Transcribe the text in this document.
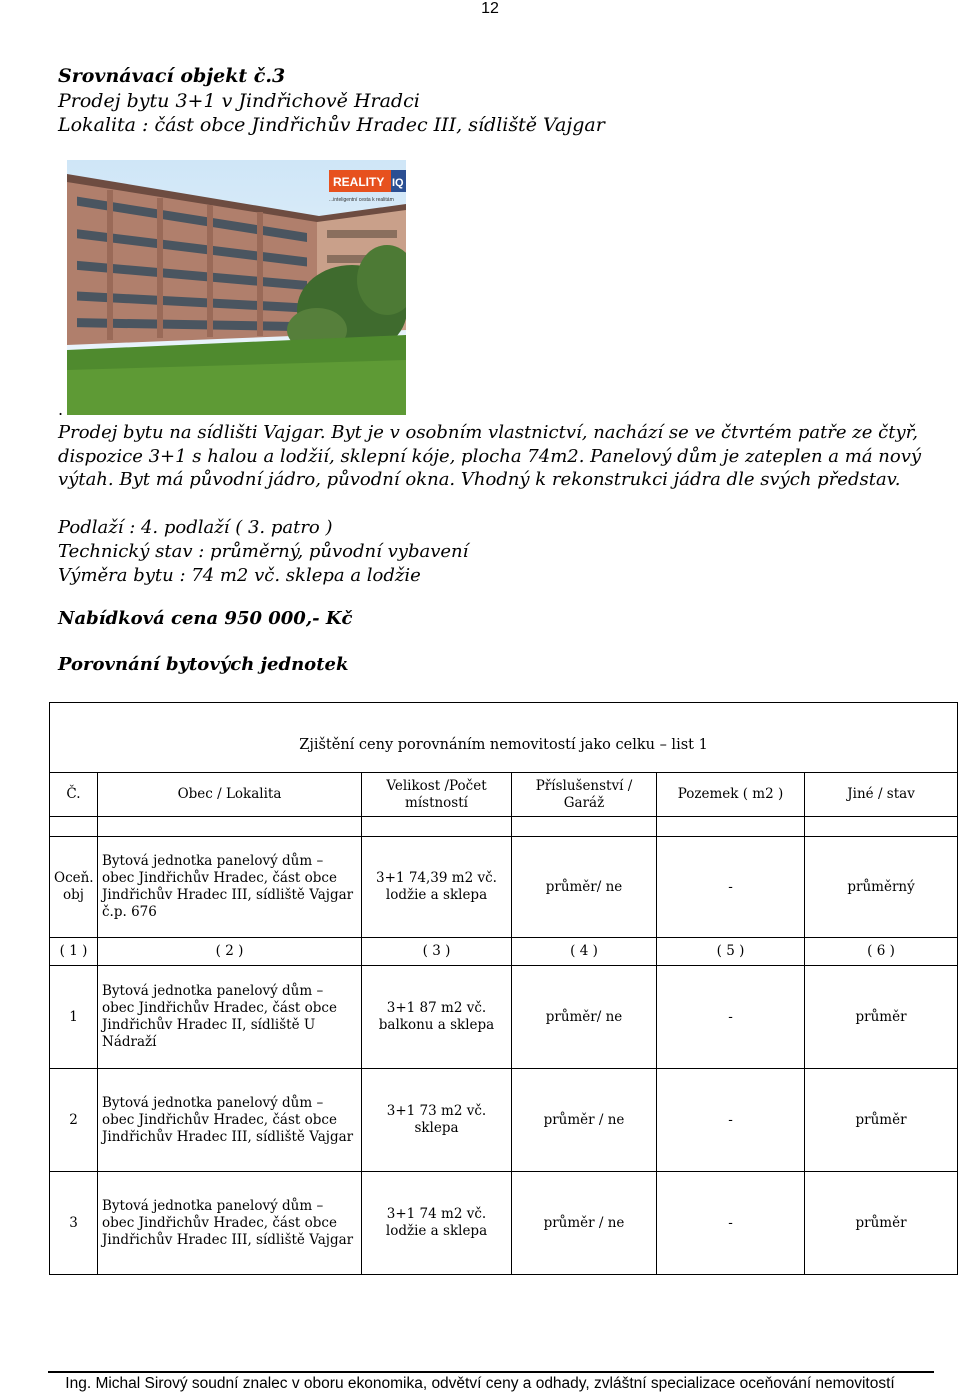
12
Srovnávací objekt č.3
Prodej bytu 3+1 v Jindřichově Hradci
Lokalita : část obce Jindřichův Hradec III, sídliště Vajgar
REALITY IQ
...inteligentní cesta k realitám
.
Prodej bytu na sídlišti Vajgar. Byt je v osobním vlastnictví, nachází se ve čtvrtém patře ze čtyř, dispozice 3+1 s halou a lodžií, sklepní kóje, plocha 74m2. Panelový dům je zateplen a má nový výtah. Byt má původní jádro, původní okna. Vhodný k rekonstrukci jádra dle svých představ.
Podlaží : 4. podlaží ( 3. patro )
Technický stav : průměrný, původní vybavení
Výměra bytu : 74 m2 vč. sklepa a lodžie
Nabídková cena 950 000,- Kč
Porovnání bytových jednotek
Zjištění ceny porovnáním nemovitostí jako celku – list 1					
Č.	Obec / Lokalita	Velikost /Počet místností	Příslušenství / Garáž	Pozemek ( m2 )	Jiné / stav

Oceň. obj	Bytová jednotka panelový dům – obec Jindřichův Hradec, část obce Jindřichův Hradec III, sídliště Vajgar č.p. 676	3+1 74,39 m2 vč. lodžie a sklepa	průměr/ ne	-	průměrný
( 1 )	( 2 )	( 3 )	( 4 )	( 5 )	( 6 )
1	Bytová jednotka panelový dům – obec Jindřichův Hradec, část obce Jindřichův Hradec II, sídliště U Nádraží	3+1 87 m2 vč. balkonu a sklepa	průměr/ ne	-	průměr
2	Bytová jednotka panelový dům – obec Jindřichův Hradec, část obce Jindřichův Hradec III, sídliště Vajgar	3+1 73 m2 vč. sklepa	průměr / ne	-	průměr
3	Bytová jednotka panelový dům – obec Jindřichův Hradec, část obce Jindřichův Hradec III, sídliště Vajgar	3+1 74 m2 vč. lodžie a sklepa	průměr / ne	-	průměr
Ing. Michal Sirový soudní znalec v oboru ekonomika, odvětví ceny a odhady, zvláštní specializace oceňování nemovitostí
